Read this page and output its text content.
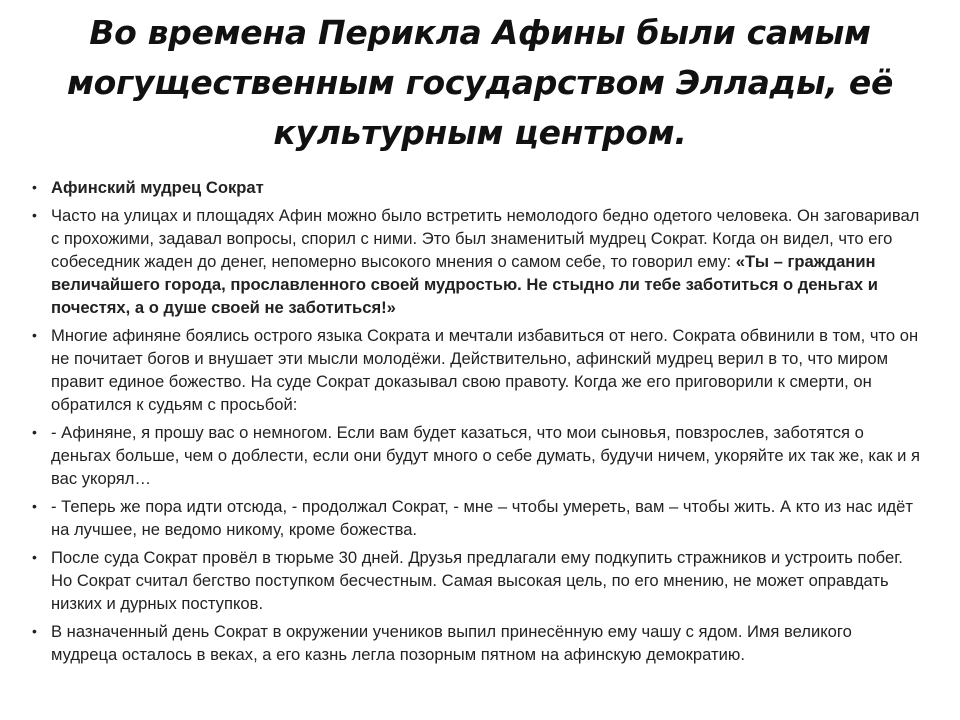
Во времена Перикла Афины были самым могущественным государством Эллады, её культурным центром.
• Афинский мудрец Сократ
• Часто на улицах и площадях Афин можно было встретить немолодого бедно одетого человека. Он заговаривал с прохожими, задавал вопросы, спорил с ними. Это был знаменитый мудрец Сократ. Когда он видел, что его собеседник жаден до денег, непомерно высокого мнения о самом себе, то говорил ему: «Ты – гражданин величайшего города, прославленного своей мудростью. Не стыдно ли тебе заботиться о деньгах и почестях, а о душе своей не заботиться!»
• Многие афиняне боялись острого языка Сократа и мечтали избавиться от него. Сократа обвинили в том, что он не почитает богов и внушает эти мысли молодёжи. Действительно, афинский мудрец верил в то, что миром правит единое божество. На суде Сократ доказывал свою правоту. Когда же его приговорили к смерти, он обратился к судьям с просьбой:
• - Афиняне, я прошу вас о немногом. Если вам будет казаться, что мои сыновья, повзрослев, заботятся о деньгах больше, чем о доблести, если они будут много о себе думать, будучи ничем, укоряйте их так же, как и я вас укорял…
• - Теперь же пора идти отсюда, - продолжал Сократ, - мне – чтобы умереть, вам – чтобы жить. А кто из нас идёт на лучшее, не ведомо никому, кроме божества.
• После суда Сократ провёл в тюрьме 30 дней. Друзья предлагали ему подкупить стражников и устроить побег. Но Сократ считал бегство поступком бесчестным. Самая высокая цель, по его мнению, не может оправдать низких и дурных поступков.
• В назначенный день Сократ в окружении учеников выпил принесённую ему чашу с ядом. Имя великого мудреца осталось в веках, а его казнь легла позорным пятном на афинскую демократию.
